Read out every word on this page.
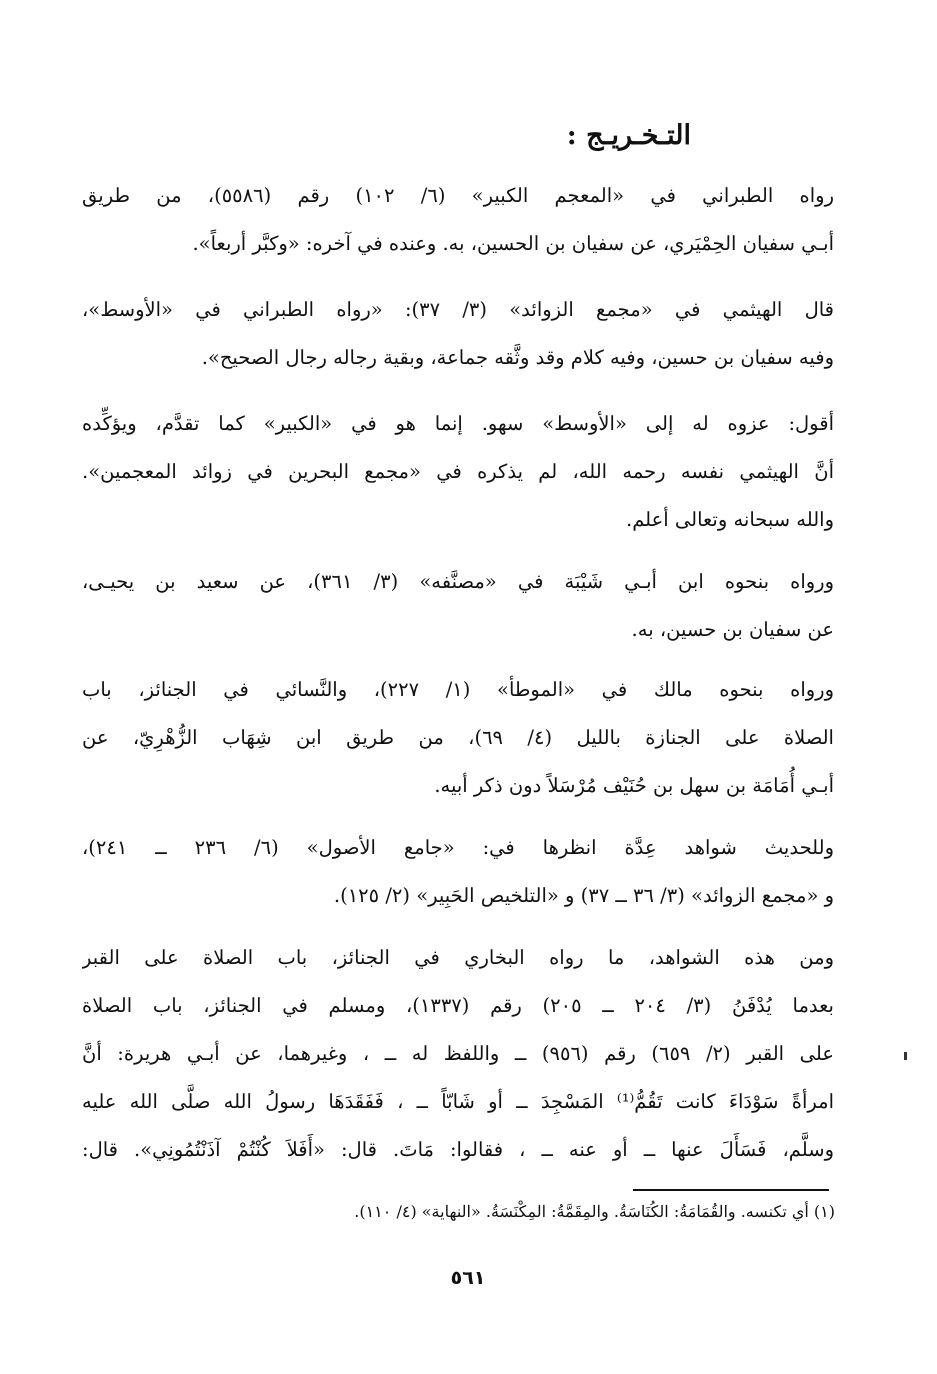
التـخـريـج :
رواه الطبراني في «المعجم الكبير» (٦/ ١٠٢) رقم (٥٥٨٦)، من طريق
أبـي سفيان الحِمْيَري، عن سفيان بن الحسين، به. وعنده في آخره: «وكبَّر أربعاً».
قال الهيثمي في «مجمع الزوائد» (٣/ ٣٧): «رواه الطبراني في «الأوسط»،
وفيه سفيان بن حسين، وفيه كلام وقد وثَّقه جماعة، وبقية رجاله رجال الصحيح».
أقول: عزوه له إلى «الأوسط» سهو. إنما هو في «الكبير» كما تقدَّم، ويؤكِّده
أنَّ الهيثمي نفسه رحمه الله، لم يذكره في «مجمع البحرين في زوائد المعجمين».
والله سبحانه وتعالى أعلم.
ورواه بنحوه ابن أبـي شَيْبَة في «مصنَّفه» (٣/ ٣٦١)، عن سعيد بن يحيـى،
عن سفيان بن حسين، به.
ورواه بنحوه مالك في «الموطأ» (١/ ٢٢٧)، والنَّسائي في الجنائز، باب
الصلاة على الجنازة بالليل (٤/ ٦٩)، من طريق ابن شِهَاب الزُّهْرِيّ، عن
أبـي أُمَامَة بن سهل بن حُنَيْف مُرْسَلاً دون ذكر أبيه.
وللحديث شواهد عِدَّة انظرها في: «جامع الأصول» (٦/ ٢٣٦ ــ ٢٤١)،
و «مجمع الزوائد» (٣/ ٣٦ ــ ٣٧) و «التلخيص الحَبِير» (٢/ ١٢٥).
ومن هذه الشواهد، ما رواه البخاري في الجنائز، باب الصلاة على القبر
بعدما يُدْفَنُ (٣/ ٢٠٤ ــ ٢٠٥) رقم (١٣٣٧)، ومسلم في الجنائز، باب الصلاة
على القبر (٢/ ٦٥٩) رقم (٩٥٦) ــ واللفظ له ــ ، وغيرهما، عن أبـي هريرة: أنَّ
امرأةً سَوْدَاءَ كانت تَقُمُّ⁽¹⁾ المَسْجِدَ ــ أو شَابّاً ــ ، فَفَقَدَهَا رسولُ الله صلَّى الله عليه
وسلَّم، فَسَأَلَ عنها ــ أو عنه ــ ، فقالوا: مَاتَ. قال: «أَفَلاَ كُنْتُمْ آذَنْتُمُونِي». قال:
(١) أي تكنسه. والقُمَامَةُ: الكُنَاسَةُ. والمِقَمَّةُ: المِكْنَسَةُ. «النهاية» (٤/ ١١٠).
٥٦١
